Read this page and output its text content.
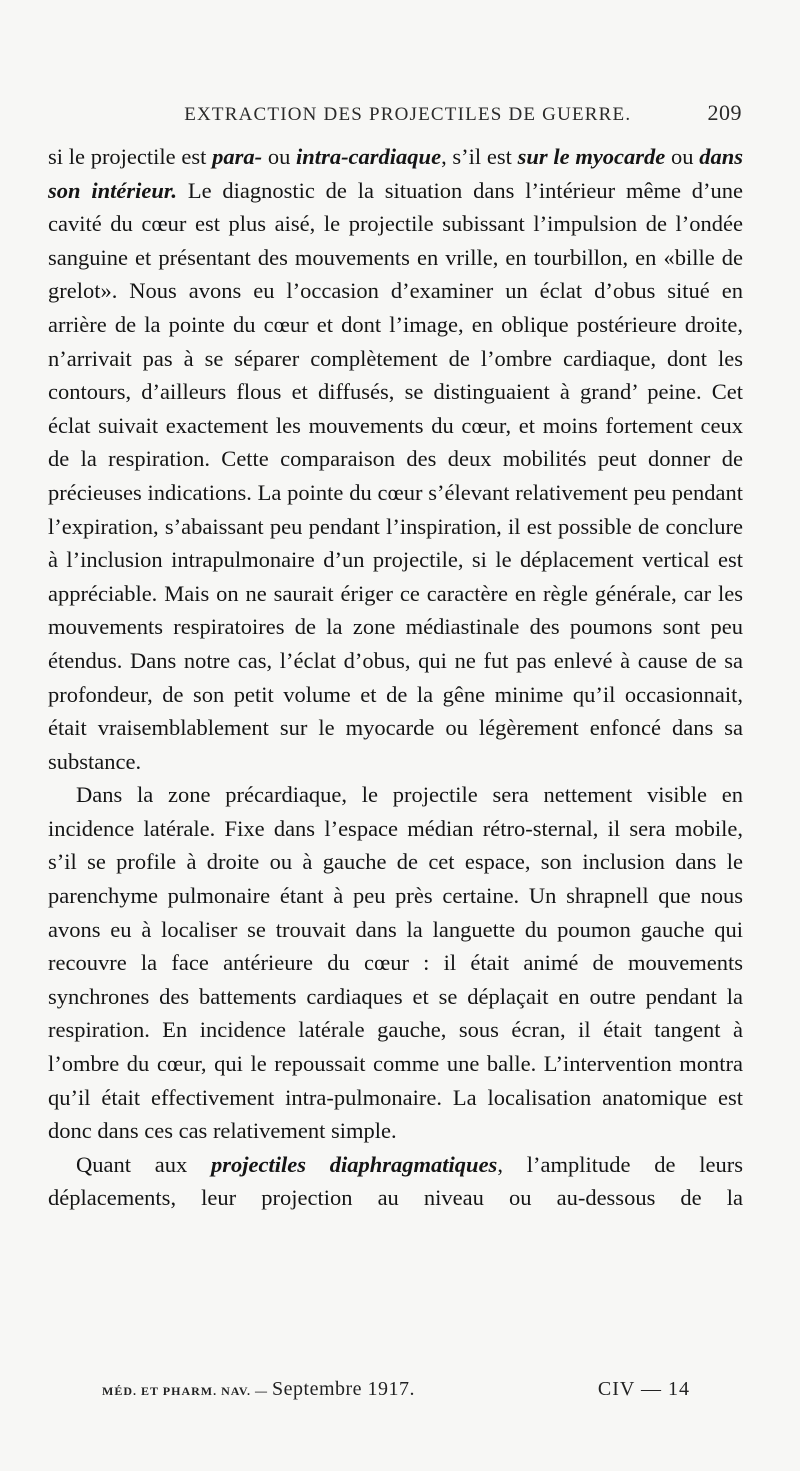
EXTRACTION DES PROJECTILES DE GUERRE.	209

si le projectile est para- ou intra-cardiaque, s’il est sur le myocarde ou dans son intérieur. Le diagnostic de la situation dans l’intérieur même d’une cavité du cœur est plus aisé, le projectile subissant l’impulsion de l’ondée sanguine et présentant des mouvements en vrille, en tourbillon, en «bille de grelot». Nous avons eu l’occasion d’examiner un éclat d’obus situé en arrière de la pointe du cœur et dont l’image, en oblique postérieure droite, n’arrivait pas à se séparer complètement de l’ombre cardiaque, dont les contours, d’ailleurs flous et diffusés, se distinguaient à grand’ peine. Cet éclat suivait exactement les mouvements du cœur, et moins fortement ceux de la respiration. Cette comparaison des deux mobilités peut donner de précieuses indications. La pointe du cœur s’élevant relativement peu pendant l’expiration, s’abaissant peu pendant l’inspiration, il est possible de conclure à l’inclusion intrapulmonaire d’un projectile, si le déplacement vertical est appréciable. Mais on ne saurait ériger ce caractère en règle générale, car les mouvements respiratoires de la zone médiastinale des poumons sont peu étendus. Dans notre cas, l’éclat d’obus, qui ne fut pas enlevé à cause de sa profondeur, de son petit volume et de la gêne minime qu’il occasionnait, était vraisemblablement sur le myocarde ou légèrement enfoncé dans sa substance.

Dans la zone précardiaque, le projectile sera nettement visible en incidence latérale. Fixe dans l’espace médian rétro-sternal, il sera mobile, s’il se profile à droite ou à gauche de cet espace, son inclusion dans le parenchyme pulmonaire étant à peu près certaine. Un shrapnell que nous avons eu à localiser se trouvait dans la languette du poumon gauche qui recouvre la face antérieure du cœur : il était animé de mouvements synchrones des battements cardiaques et se déplaçait en outre pendant la respiration. En incidence latérale gauche, sous écran, il était tangent à l’ombre du cœur, qui le repoussait comme une balle. L’intervention montra qu’il était effectivement intra-pulmonaire. La localisation anatomique est donc dans ces cas relativement simple.

Quant aux projectiles diaphragmatiques, l’amplitude de leurs déplacements, leur projection au niveau ou au-dessous de la

MÉD. ET PHARM. NAV. — Septembre 1917.	CIV — 14
